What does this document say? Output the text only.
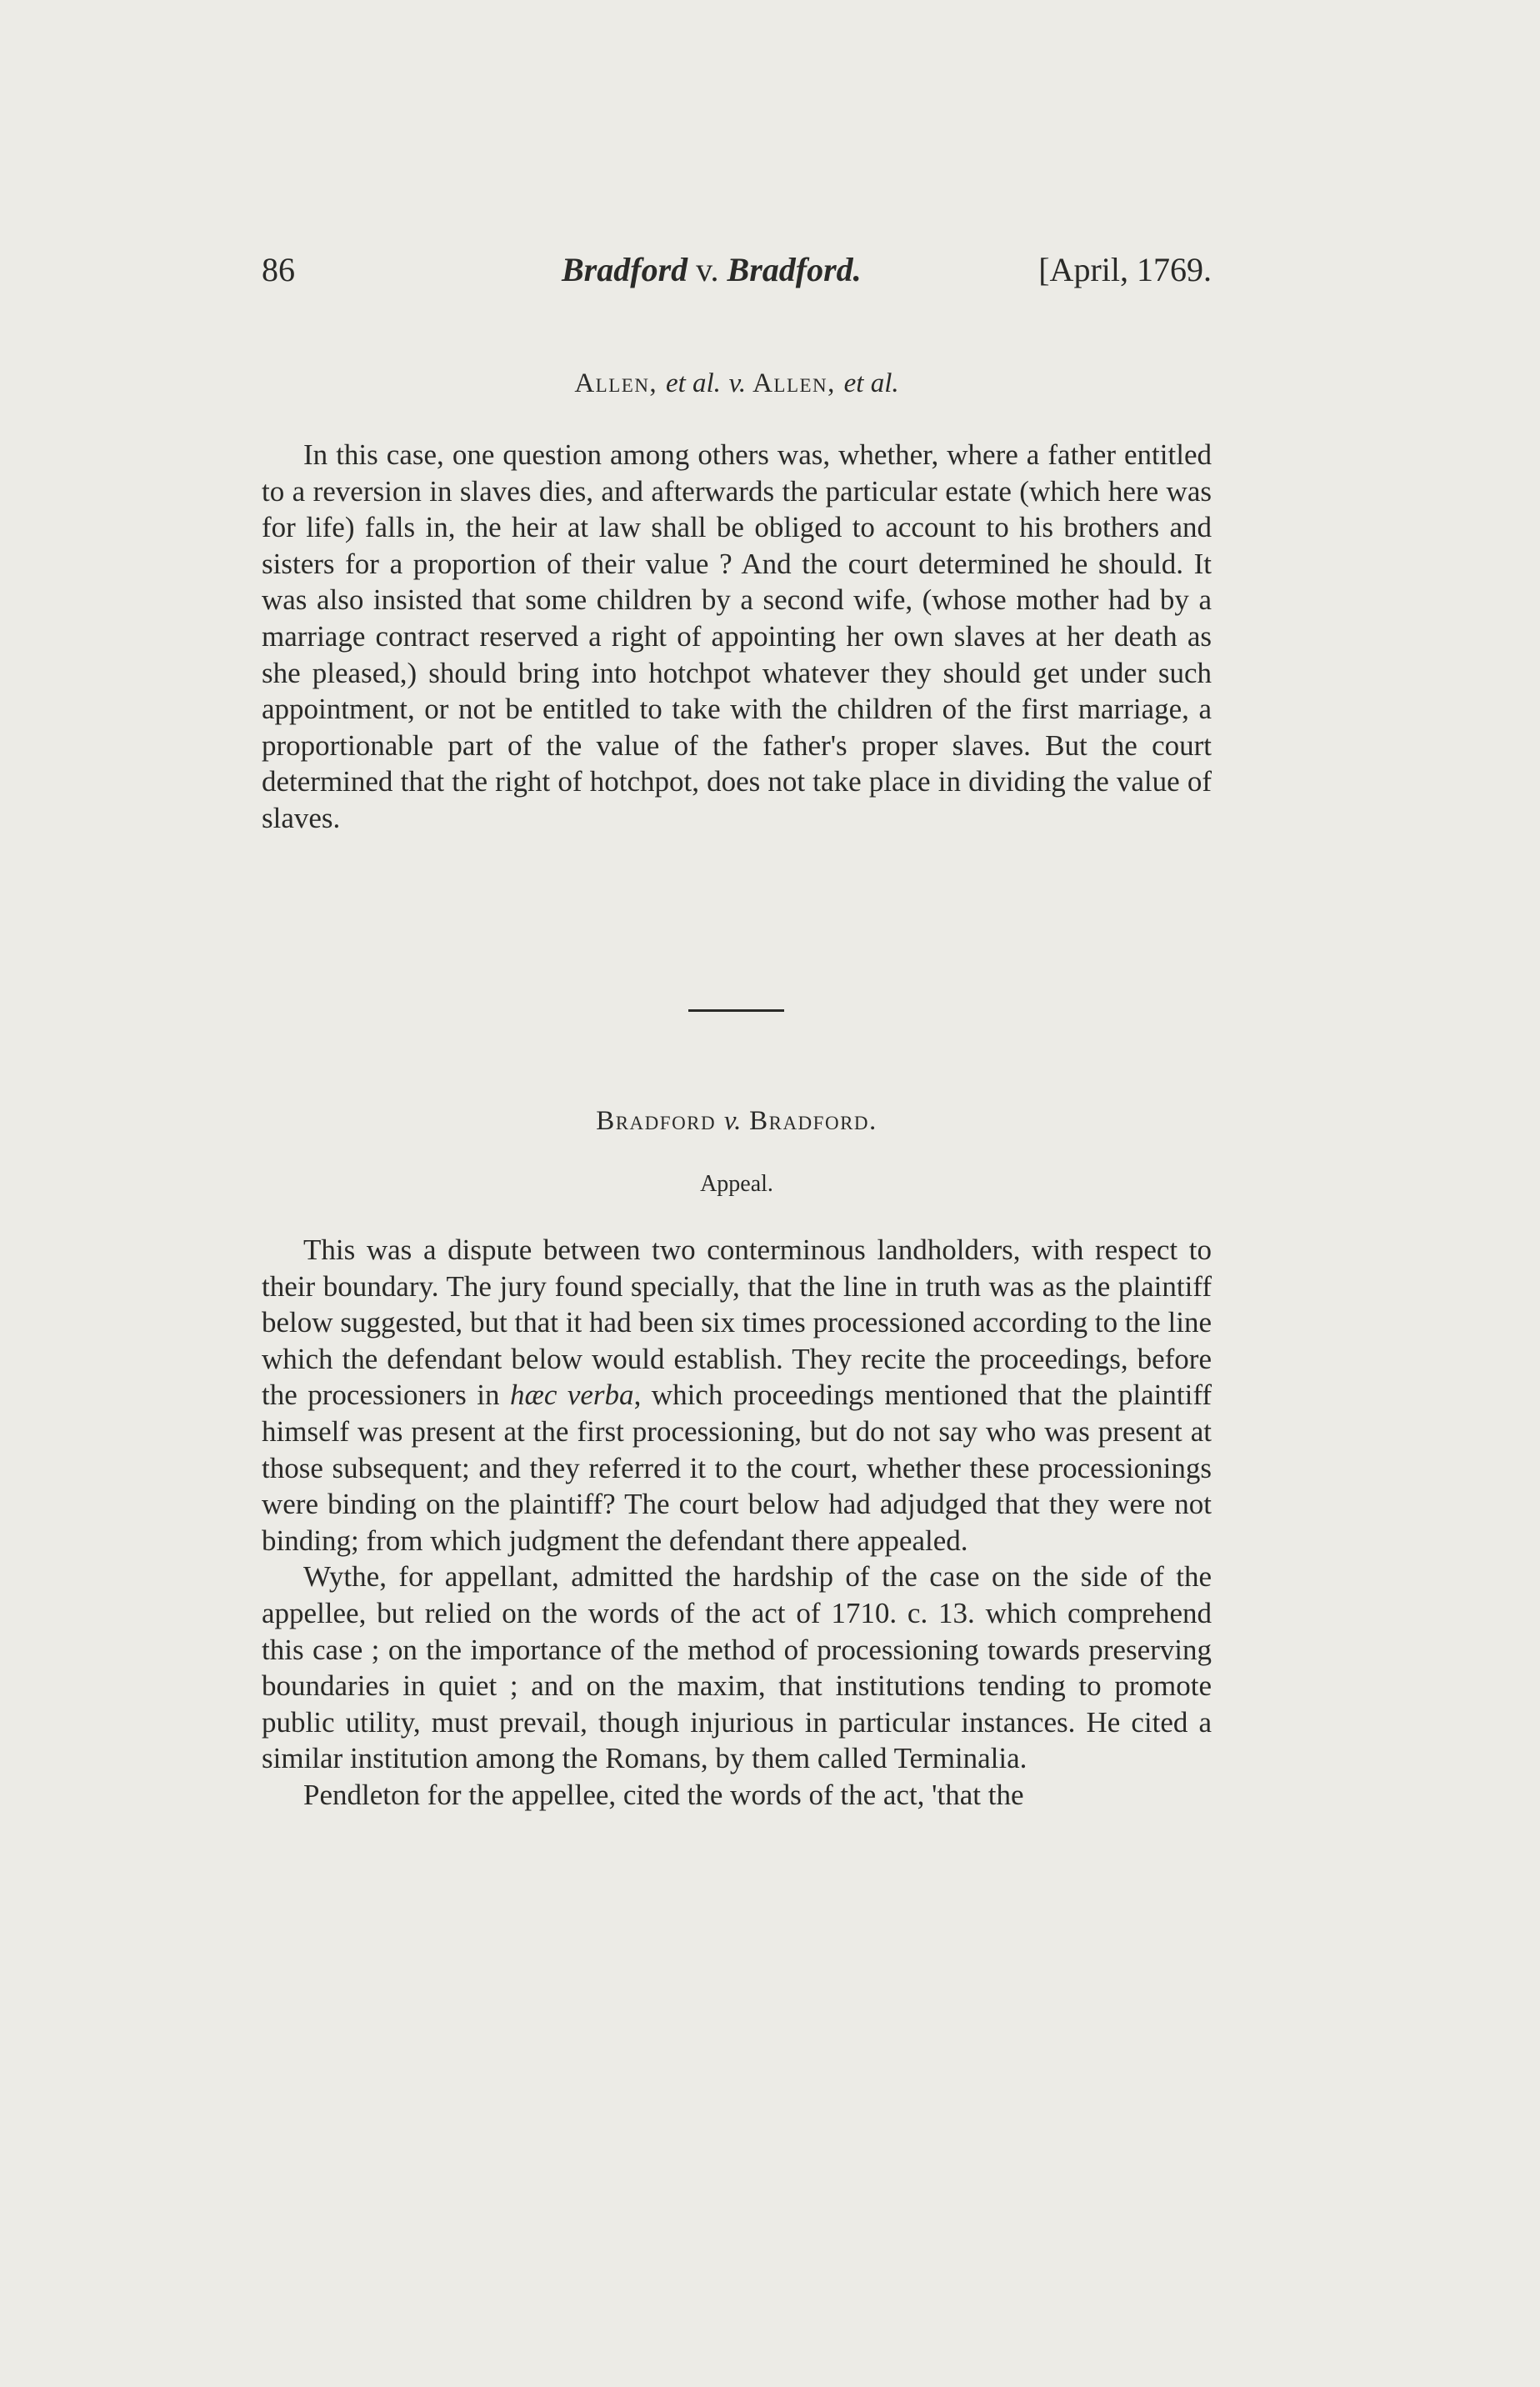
86	Bradford v. Bradford.	[April, 1769.
Allen, et al. v. Allen, et al.

In this case, one question among others was, whether, where a father entitled to a reversion in slaves dies, and afterwards the particular estate (which here was for life) falls in, the heir at law shall be obliged to account to his brothers and sisters for a proportion of their value ? And the court determined he should. It was also insisted that some children by a second wife, (whose mother had by a marriage contract reserved a right of appointing her own slaves at her death as she pleased,) should bring into hotchpot whatever they should get under such appointment, or not be entitled to take with the children of the first marriage, a proportionable part of the value of the father's proper slaves. But the court determined that the right of hotchpot, does not take place in dividing the value of slaves.

Bradford v. Bradford.
Appeal.

This was a dispute between two conterminous landholders, with respect to their boundary. The jury found specially, that the line in truth was as the plaintiff below suggested, but that it had been six times processioned according to the line which the defendant below would establish. They recite the proceedings, before the processioners in hæc verba, which proceedings mentioned that the plaintiff himself was present at the first processioning, but do not say who was present at those subsequent; and they referred it to the court, whether these processionings were binding on the plaintiff? The court below had adjudged that they were not binding; from which judgment the defendant there appealed.

Wythe, for appellant, admitted the hardship of the case on the side of the appellee, but relied on the words of the act of 1710. c. 13. which comprehend this case ; on the importance of the method of processioning towards preserving boundaries in quiet ; and on the maxim, that institutions tending to promote public utility, must prevail, though injurious in particular instances. He cited a similar institution among the Romans, by them called Terminalia.

Pendleton for the appellee, cited the words of the act, 'that the
